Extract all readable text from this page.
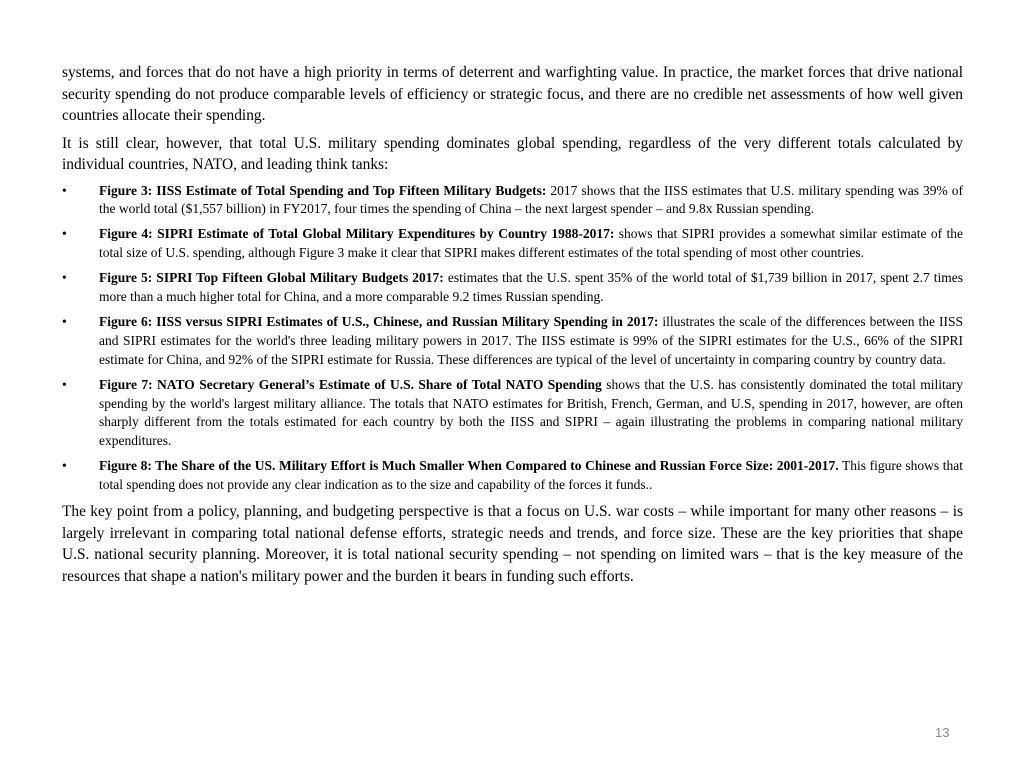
systems, and forces that do not have a high priority in terms of deterrent and warfighting value. In practice, the market forces that drive national security spending do not produce comparable levels of efficiency or strategic focus, and there are no credible net assessments of how well given countries allocate their spending.

It is still clear, however, that total U.S. military spending dominates global spending, regardless of the very different totals calculated by individual countries, NATO, and leading think tanks:

• Figure 3: IISS Estimate of Total Spending and Top Fifteen Military Budgets: 2017 shows that the IISS estimates that U.S. military spending was 39% of the world total ($1,557 billion) in FY2017, four times the spending of China – the next largest spender – and 9.8x Russian spending.
• Figure 4: SIPRI Estimate of Total Global Military Expenditures by Country 1988-2017: shows that SIPRI provides a somewhat similar estimate of the total size of U.S. spending, although Figure 3 make it clear that SIPRI makes different estimates of the total spending of most other countries.
• Figure 5: SIPRI Top Fifteen Global Military Budgets 2017: estimates that the U.S. spent 35% of the world total of $1,739 billion in 2017, spent 2.7 times more than a much higher total for China, and a more comparable 9.2 times Russian spending.
• Figure 6: IISS versus SIPRI Estimates of U.S., Chinese, and Russian Military Spending in 2017: illustrates the scale of the differences between the IISS and SIPRI estimates for the world's three leading military powers in 2017. The IISS estimate is 99% of the SIPRI estimates for the U.S., 66% of the SIPRI estimate for China, and 92% of the SIPRI estimate for Russia. These differences are typical of the level of uncertainty in comparing country by country data.
• Figure 7: NATO Secretary General’s Estimate of U.S. Share of Total NATO Spending shows that the U.S. has consistently dominated the total military spending by the world's largest military alliance. The totals that NATO estimates for British, French, German, and U.S, spending in 2017, however, are often sharply different from the totals estimated for each country by both the IISS and SIPRI – again illustrating the problems in comparing national military expenditures.
• Figure 8: The Share of the US. Military Effort is Much Smaller When Compared to Chinese and Russian Force Size: 2001-2017. This figure shows that total spending does not provide any clear indication as to the size and capability of the forces it funds..

The key point from a policy, planning, and budgeting perspective is that a focus on U.S. war costs – while important for many other reasons – is largely irrelevant in comparing total national defense efforts, strategic needs and trends, and force size. These are the key priorities that shape U.S. national security planning. Moreover, it is total national security spending – not spending on limited wars – that is the key measure of the resources that shape a nation's military power and the burden it bears in funding such efforts.

13
